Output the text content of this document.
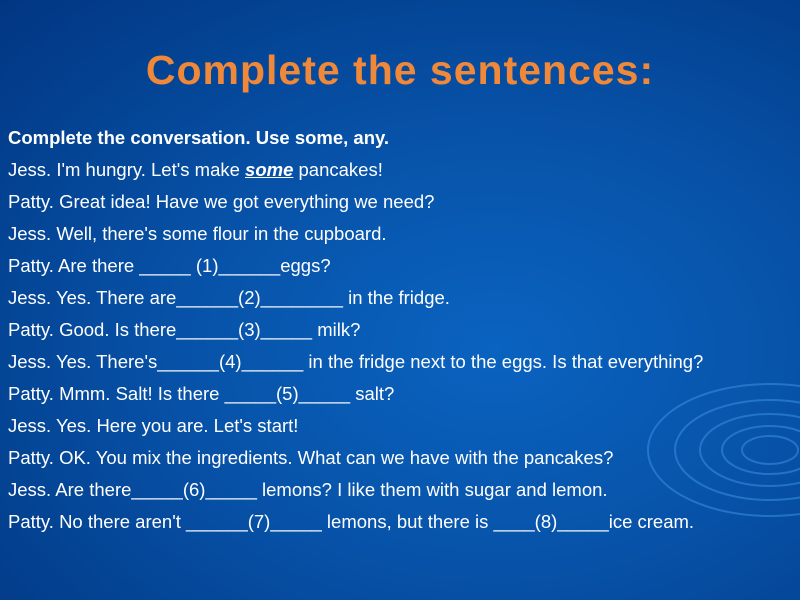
Complete the sentences:

Complete the conversation. Use some, any.

Jess. I'm hungry. Let's make some pancakes!

Patty. Great idea! Have we got everything we need?

Jess. Well, there's some flour in the cupboard.

Patty. Are there _____ (1)______eggs?

Jess. Yes. There are______(2)________ in the fridge.

Patty. Good. Is there______(3)_____ milk?

Jess. Yes. There's______(4)______ in the fridge next to the eggs. Is that everything?

Patty. Mmm. Salt! Is there _____(5)_____ salt?

Jess. Yes. Here you are. Let's start!

Patty. OK. You mix the ingredients. What can we have with the pancakes?

Jess. Are there_____(6)_____ lemons? I like them with sugar and lemon.

Patty. No there aren't ______(7)_____ lemons, but there is ____(8)_____ice cream.
